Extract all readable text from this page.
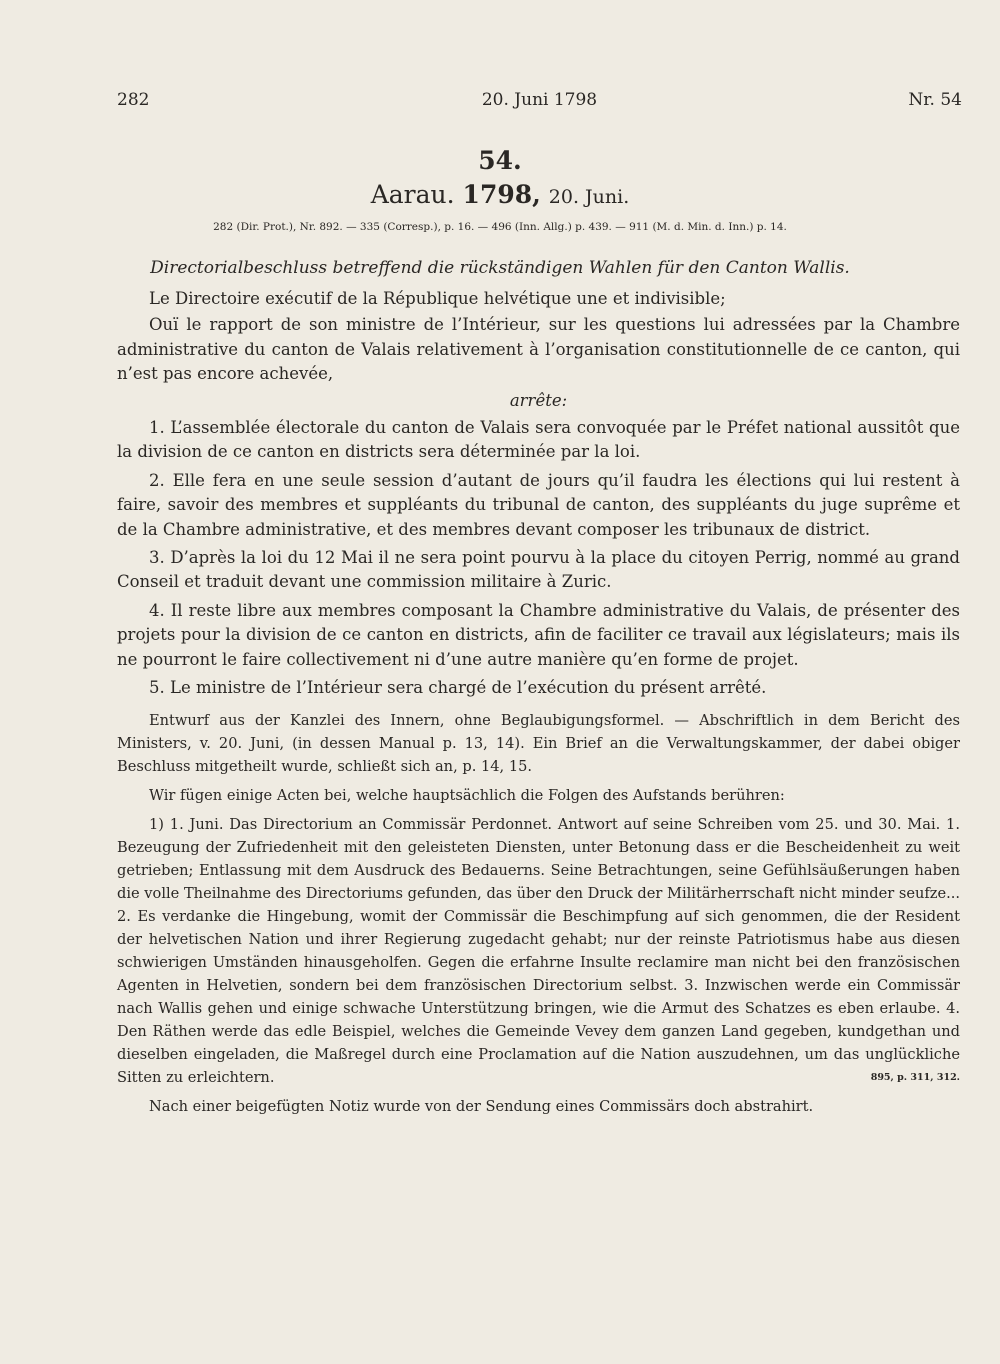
282	20. Juni 1798	Nr. 54
54.
Aarau. 1798, 20. Juni.
282 (Dir. Prot.), Nr. 892. — 335 (Corresp.), p. 16. — 496 (Inn. Allg.) p. 439. — 911 (M. d. Min. d. Inn.) p. 14.
Directorialbeschluss betreffend die rückständigen Wahlen für den Canton Wallis.

Le Directoire exécutif de la République helvétique une et indivisible;

Ouï le rapport de son ministre de l’Intérieur, sur les questions lui adressées par la Chambre administrative du canton de Valais relativement à l’organisation constitutionnelle de ce canton, qui n’est pas encore achevée,

arrête:

1. L’assemblée électorale du canton de Valais sera convoquée par le Préfet national aussitôt que la division de ce canton en districts sera déterminée par la loi.

2. Elle fera en une seule session d’autant de jours qu’il faudra les élections qui lui restent à faire, savoir des membres et suppléants du tribunal de canton, des suppléants du juge suprême et de la Chambre administrative, et des membres devant composer les tribunaux de district.

3. D’après la loi du 12 Mai il ne sera point pourvu à la place du citoyen Perrig, nommé au grand Conseil et traduit devant une commission militaire à Zuric.

4. Il reste libre aux membres composant la Chambre administrative du Valais, de présenter des projets pour la division de ce canton en districts, afin de faciliter ce travail aux législateurs; mais ils ne pourront le faire collectivement ni d’une autre manière qu’en forme de projet.

5. Le ministre de l’Intérieur sera chargé de l’exécution du présent arrêté.

Entwurf aus der Kanzlei des Innern, ohne Beglaubigungsformel. — Abschriftlich in dem Bericht des Ministers, v. 20. Juni, (in dessen Manual p. 13, 14). Ein Brief an die Verwaltungskammer, der dabei obiger Beschluss mitgetheilt wurde, schließt sich an, p. 14, 15.

Wir fügen einige Acten bei, welche hauptsächlich die Folgen des Aufstands berühren:

1) 1. Juni. Das Directorium an Commissär Perdonnet. Antwort auf seine Schreiben vom 25. und 30. Mai. 1. Bezeugung der Zufriedenheit mit den geleisteten Diensten, unter Betonung dass er die Bescheidenheit zu weit getrieben; Entlassung mit dem Ausdruck des Bedauerns. Seine Betrachtungen, seine Gefühlsäußerungen haben die volle Theilnahme des Directoriums gefunden, das über den Druck der Militärherrschaft nicht minder seufze... 2. Es verdanke die Hingebung, womit der Commissär die Beschimpfung auf sich genommen, die der Resident der helvetischen Nation und ihrer Regierung zugedacht gehabt; nur der reinste Patriotismus habe aus diesen schwierigen Umständen hinausgeholfen. Gegen die erfahrne Insulte reclamire man nicht bei den französischen Agenten in Helvetien, sondern bei dem französischen Directorium selbst. 3. Inzwischen werde ein Commissär nach Wallis gehen und einige schwache Unterstützung bringen, wie die Armut des Schatzes es eben erlaube. 4. Den Räthen werde das edle Beispiel, welches die Gemeinde Vevey dem ganzen Land gegeben, kundgethan und dieselben eingeladen, die Maßregel durch eine Proclamation auf die Nation auszudehnen, um das unglückliche Sitten zu erleichtern.	895, p. 311, 312.

Nach einer beigefügten Notiz wurde von der Sendung eines Commissärs doch abstrahirt.
